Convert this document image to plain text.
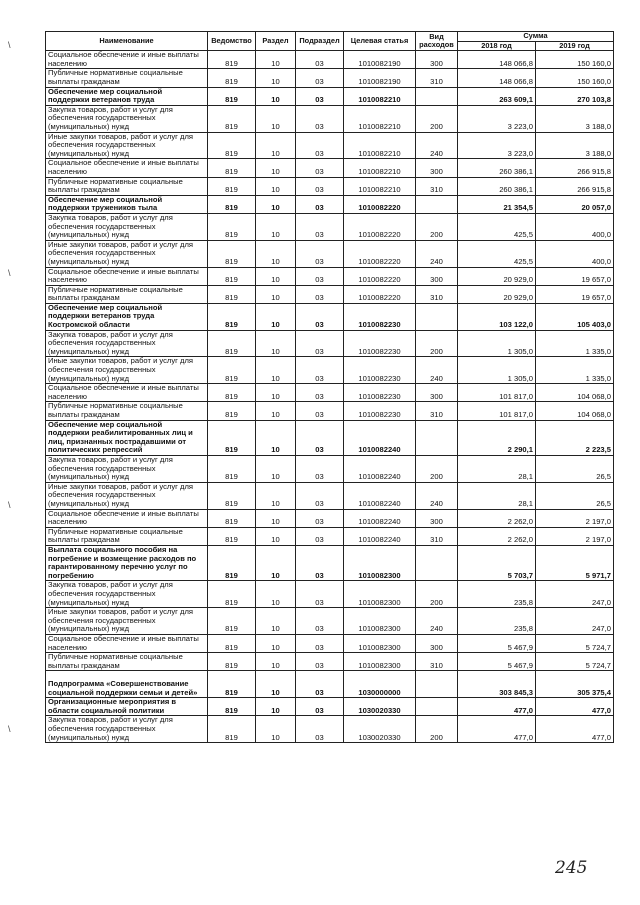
\
\
\
\
Наименование	Ведомство	Раздел	Подраздел	Целевая статья	Вид расходов	Сумма	
						2018 год	2019 год
Социальное обеспечение и иные выплаты населению	819	10	03	1010082190	300	148 066,8	150 160,0
Публичные нормативные социальные выплаты гражданам	819	10	03	1010082190	310	148 066,8	150 160,0
Обеспечение мер социальной поддержки ветеранов труда	819	10	03	1010082210		263 609,1	270 103,8
Закупка товаров, работ и услуг для обеспечения государственных (муниципальных) нужд	819	10	03	1010082210	200	3 223,0	3 188,0
Иные закупки товаров, работ и услуг для обеспечения государственных (муниципальных) нужд	819	10	03	1010082210	240	3 223,0	3 188,0
Социальное обеспечение и иные выплаты населению	819	10	03	1010082210	300	260 386,1	266 915,8
Публичные нормативные социальные выплаты гражданам	819	10	03	1010082210	310	260 386,1	266 915,8
Обеспечение мер социальной поддержки тружеников тыла	819	10	03	1010082220		21 354,5	20 057,0
Закупка товаров, работ и услуг для обеспечения государственных (муниципальных) нужд	819	10	03	1010082220	200	425,5	400,0
Иные закупки товаров, работ и услуг для обеспечения государственных (муниципальных) нужд	819	10	03	1010082220	240	425,5	400,0
Социальное обеспечение и иные выплаты населению	819	10	03	1010082220	300	20 929,0	19 657,0
Публичные нормативные социальные выплаты гражданам	819	10	03	1010082220	310	20 929,0	19 657,0
Обеспечение мер социальной поддержки ветеранов труда Костромской области	819	10	03	1010082230		103 122,0	105 403,0
Закупка товаров, работ и услуг для обеспечения государственных (муниципальных) нужд	819	10	03	1010082230	200	1 305,0	1 335,0
Иные закупки товаров, работ и услуг для обеспечения государственных (муниципальных) нужд	819	10	03	1010082230	240	1 305,0	1 335,0
Социальное обеспечение и иные выплаты населению	819	10	03	1010082230	300	101 817,0	104 068,0
Публичные нормативные социальные выплаты гражданам	819	10	03	1010082230	310	101 817,0	104 068,0
Обеспечение мер социальной поддержки реабилитированных лиц и лиц, признанных пострадавшими от политических репрессий	819	10	03	1010082240		2 290,1	2 223,5
Закупка товаров, работ и услуг для обеспечения государственных (муниципальных) нужд	819	10	03	1010082240	200	28,1	26,5
Иные закупки товаров, работ и услуг для обеспечения государственных (муниципальных) нужд	819	10	03	1010082240	240	28,1	26,5
Социальное обеспечение и иные выплаты населению	819	10	03	1010082240	300	2 262,0	2 197,0
Публичные нормативные социальные выплаты гражданам	819	10	03	1010082240	310	2 262,0	2 197,0
Выплата социального пособия на погребение и возмещение расходов по гарантированному перечню услуг по погребению	819	10	03	1010082300		5 703,7	5 971,7
Закупка товаров, работ и услуг для обеспечения государственных (муниципальных) нужд	819	10	03	1010082300	200	235,8	247,0
Иные закупки товаров, работ и услуг для обеспечения государственных (муниципальных) нужд	819	10	03	1010082300	240	235,8	247,0
Социальное обеспечение и иные выплаты населению	819	10	03	1010082300	300	5 467,9	5 724,7
Публичные нормативные социальные выплаты гражданам	819	10	03	1010082300	310	5 467,9	5 724,7
Подпрограмма «Совершенствование социальной поддержки семьи и детей»	819	10	03	1030000000		303 845,3	305 375,4
Организационные мероприятия в области социальной политики	819	10	03	1030020330		477,0	477,0
Закупка товаров, работ и услуг для обеспечения государственных (муниципальных) нужд	819	10	03	1030020330	200	477,0	477,0
245
